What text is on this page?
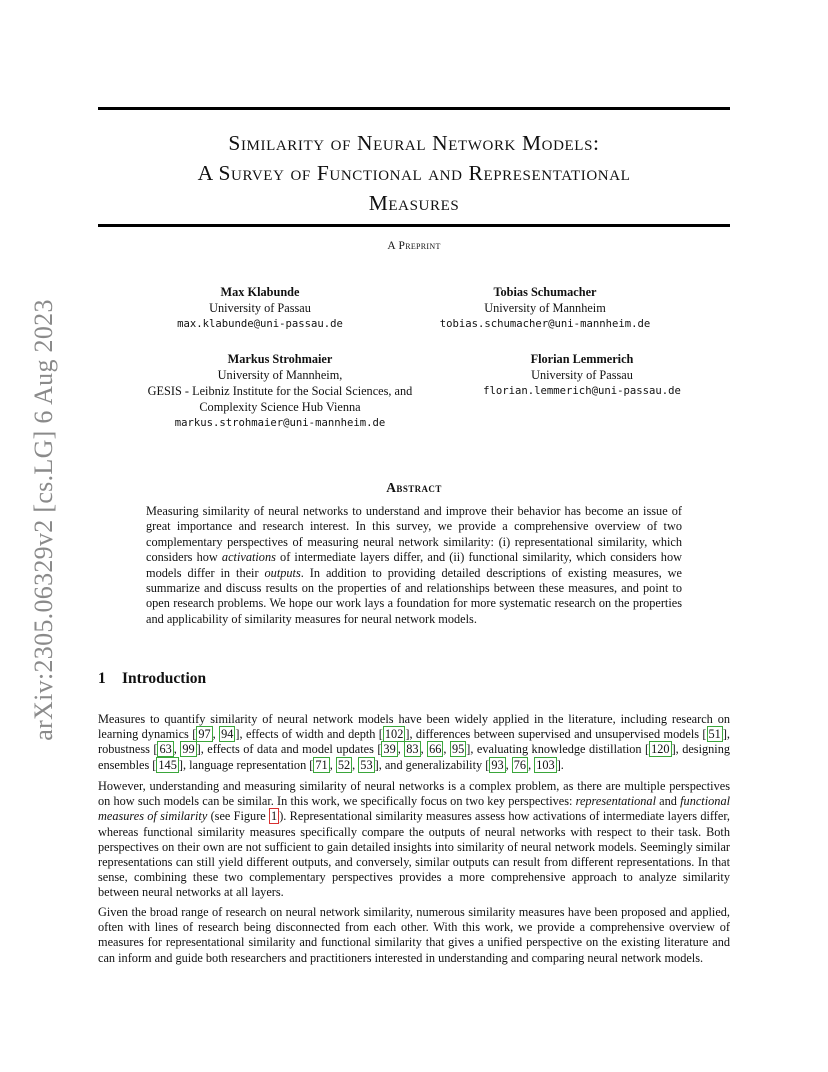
arXiv:2305.06329v2 [cs.LG] 6 Aug 2023
Similarity of Neural Network Models:
A Survey of Functional and Representational
Measures
A Preprint
Max Klabunde
University of Passau
max.klabunde@uni-passau.de
Tobias Schumacher
University of Mannheim
tobias.schumacher@uni-mannheim.de
Markus Strohmaier
University of Mannheim,
GESIS - Leibniz Institute for the Social Sciences, and
Complexity Science Hub Vienna
markus.strohmaier@uni-mannheim.de
Florian Lemmerich
University of Passau
florian.lemmerich@uni-passau.de
Abstract
Measuring similarity of neural networks to understand and improve their behavior has become an issue of great importance and research interest. In this survey, we provide a comprehensive overview of two complementary perspectives of measuring neural network similarity: (i) representational similarity, which considers how activations of intermediate layers differ, and (ii) functional similarity, which considers how models differ in their outputs. In addition to providing detailed descriptions of existing measures, we summarize and discuss results on the properties of and relationships between these measures, and point to open research problems. We hope our work lays a foundation for more systematic research on the properties and applicability of similarity measures for neural network models.
1 Introduction
Measures to quantify similarity of neural network models have been widely applied in the literature, including research on learning dynamics [ 97 , 94 ], effects of width and depth [ 102 ], differences between supervised and unsupervised models [ 51 ], robustness [ 63 , 99 ], effects of data and model updates [ 39 , 83 , 66 , 95 ], evaluating knowledge distillation [ 120 ], designing ensembles [ 145 ], language representation [ 71 , 52 , 53 ], and generalizability [ 93 , 76 , 103 ].
However, understanding and measuring similarity of neural networks is a complex problem, as there are multiple perspectives on how such models can be similar. In this work, we specifically focus on two key perspectives: representational and functional measures of similarity (see Figure 1 ). Representational similarity measures assess how activations of intermediate layers differ, whereas functional similarity measures specifically compare the outputs of neural networks with respect to their task. Both perspectives on their own are not sufficient to gain detailed insights into similarity of neural network models. Seemingly similar representations can still yield different outputs, and conversely, similar outputs can result from different representations. In that sense, combining these two complementary perspectives provides a more comprehensive approach to analyze similarity between neural networks at all layers.
Given the broad range of research on neural network similarity, numerous similarity measures have been proposed and applied, often with lines of research being disconnected from each other. With this work, we provide a comprehensive overview of measures for representational similarity and functional similarity that gives a unified perspective on the existing literature and can inform and guide both researchers and practitioners interested in understanding and comparing neural network models.
